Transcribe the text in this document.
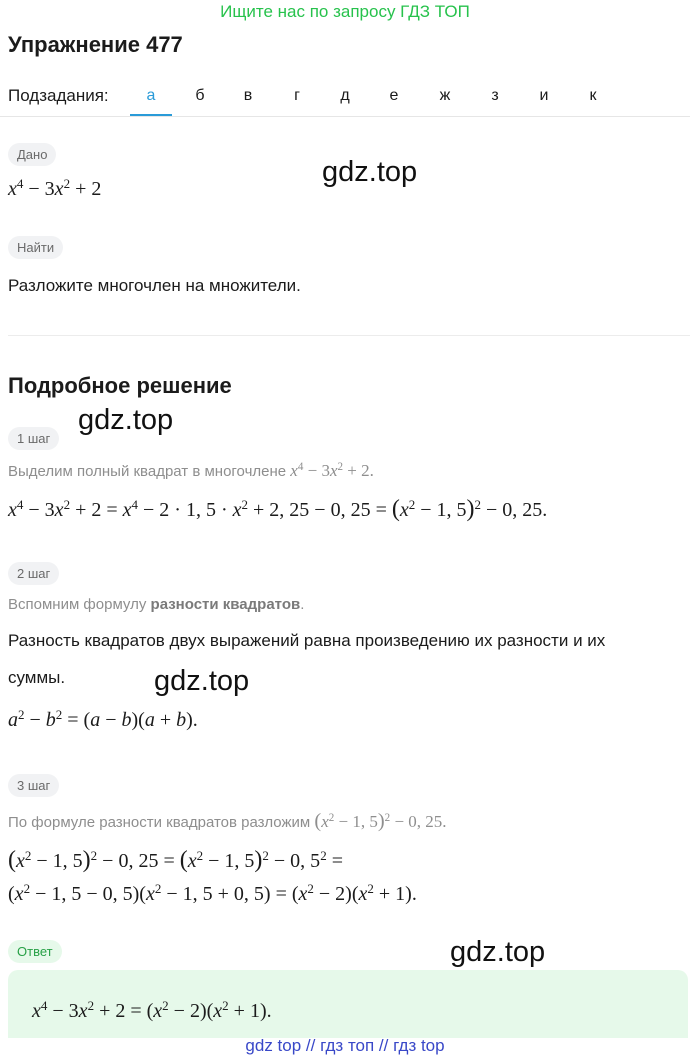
Ищите нас по запросу ГДЗ ТОП
Упражнение 477
Подзадания:	а	б	в	г	д	е	ж	з	и	к
Дано
$x^4 - 3x^2 + 2$
Найти
Разложите многочлен на множители.
Подробное решение
1 шаг
Выделим полный квадрат в многочлене $x^4 - 3x^2 + 2$.
$x^4 - 3x^2 + 2 = x^4 - 2 \cdot 1$, $5 \cdot x^2 + 2$, 25 − 0, $25 = (x^2 - 1$, 5)$^2$ − 0, 25.
2 шаг
Вспомним формулу разности квадратов.
Разность квадратов двух выражений равна произведению их разности и их
суммы.
$a^2 - b^2 = (a - b)(a + b)$.
3 шаг
По формуле разности квадратов разложим ($x^2 - 1$, 5)$^2$ − 0, 25.
($x^2 - 1$, 5)$^2$ − 0, $25 = (x^2 - 1$, 5)$^2$ − 0, $5^2$ =
($x^2 - 1$, 5 − 0, $5)(x^2 - 1$, 5 + 0, $5) = (x^2 - 2)(x^2 + 1)$.
Ответ
$x^4 - 3x^2 + 2 = (x^2 - 2)(x^2 + 1)$.
gdz.top
gdz.top
gdz.top
gdz.top
gdz top // гдз топ // гдз top
